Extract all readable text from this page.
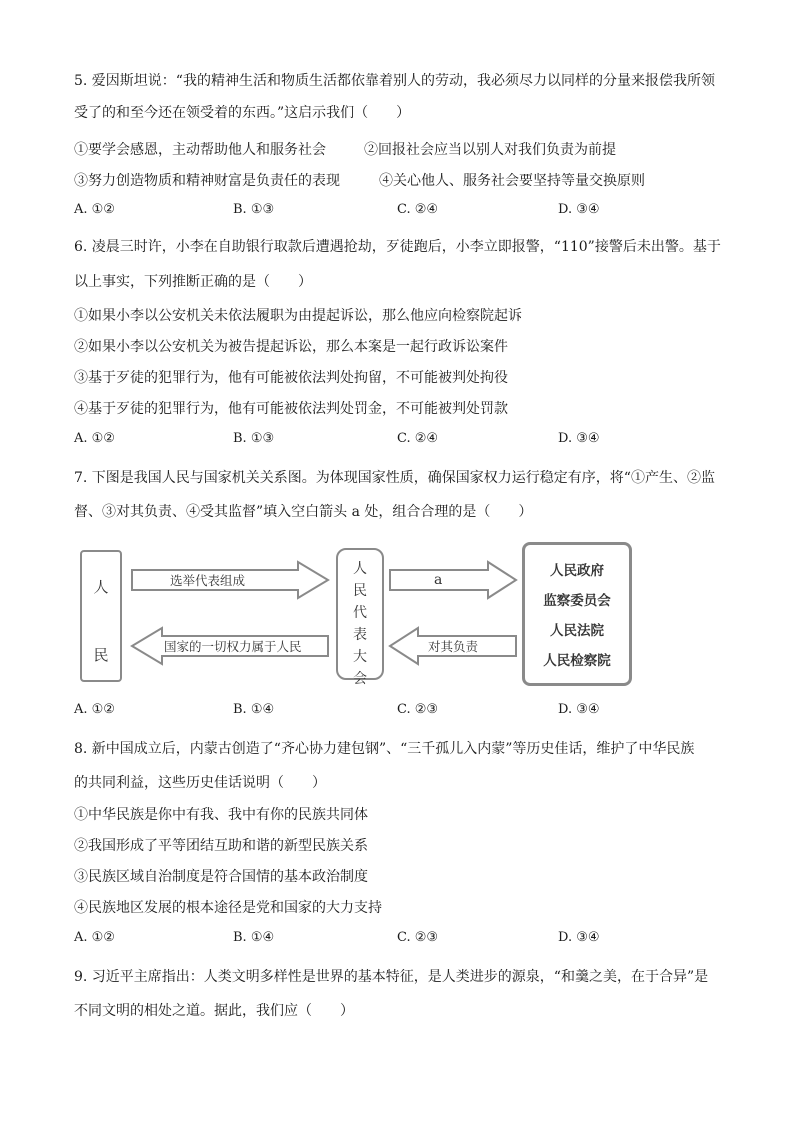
5. 爱因斯坦说：“我的精神生活和物质生活都依靠着别人的劳动，我必须尽力以同样的分量来报偿我所领
受了的和至今还在领受着的东西。”这启示我们（　　）
①要学会感恩，主动帮助他人和服务社会	②回报社会应当以别人对我们负责为前提
③努力创造物质和精神财富是负责任的表现	④关心他人、服务社会要坚持等量交换原则
A. ①②	B. ①③	C. ②④	D. ③④
6. 凌晨三时许，小李在自助银行取款后遭遇抢劫，歹徒跑后，小李立即报警，“110”接警后未出警。基于
以上事实，下列推断正确的是（　　）
①如果小李以公安机关未依法履职为由提起诉讼，那么他应向检察院起诉
②如果小李以公安机关为被告提起诉讼，那么本案是一起行政诉讼案件
③基于歹徒的犯罪行为，他有可能被依法判处拘留，不可能被判处拘役
④基于歹徒的犯罪行为，他有可能被依法判处罚金，不可能被判处罚款
A. ①②	B. ①③	C. ②④	D. ③④
7. 下图是我国人民与国家机关关系图。为体现国家性质，确保国家权力运行稳定有序，将“①产生、②监
督、③对其负责、④受其监督”填入空白箭头 a 处，组合合理的是（　　）
人
民
选举代表组成
国家的一切权力属于人民
人
民
代
表
大
会
a
对其负责
人民政府
监察委员会
人民法院
人民检察院
A. ①②	B. ①④	C. ②③	D. ③④
8. 新中国成立后，内蒙古创造了“齐心协力建包钢”、“三千孤儿入内蒙”等历史佳话，维护了中华民族
的共同利益，这些历史佳话说明（　　）
①中华民族是你中有我、我中有你的民族共同体
②我国形成了平等团结互助和谐的新型民族关系
③民族区域自治制度是符合国情的基本政治制度
④民族地区发展的根本途径是党和国家的大力支持
A. ①②	B. ①④	C. ②③	D. ③④
9. 习近平主席指出：人类文明多样性是世界的基本特征，是人类进步的源泉，“和羹之美，在于合异”是
不同文明的相处之道。据此，我们应（　　）
